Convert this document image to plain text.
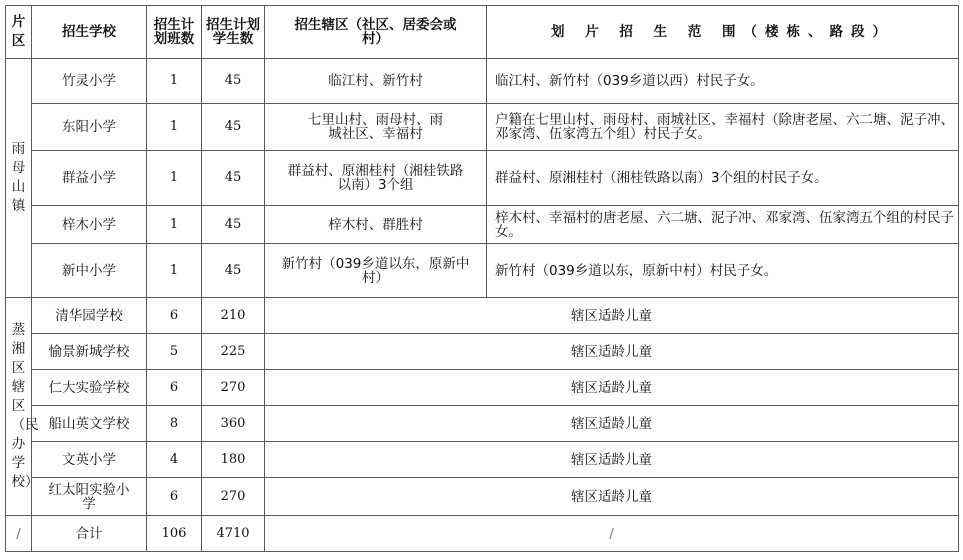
片区	招生学校	招生计划班数	招生计划学生数	招生辖区（社区、居委会或村）	划 片 招 生 范 围（楼栋、路段）

雨母山镇	竹灵小学	1	45	临江村、新竹村	临江村、新竹村（039乡道以西）村民子女。
	东阳小学	1	45	七里山村、雨母村、雨城社区、幸福村	户籍在七里山村、雨母村、雨城社区、幸福村（除唐老屋、六二塘、泥子冲、邓家湾、伍家湾五个组）村民子女。
	群益小学	1	45	群益村、原湘桂村（湘桂铁路以南）3个组	群益村、原湘桂村（湘桂铁路以南）3个组的村民子女。
	梓木小学	1	45	梓木村、群胜村	梓木村、幸福村的唐老屋、六二塘、泥子冲、邓家湾、伍家湾五个组的村民子女。
	新中小学	1	45	新竹村（039乡道以东，原新中村）	新竹村（039乡道以东，原新中村）村民子女。

蒸湘区辖区（民办学校）	清华园学校	6	210	辖区适龄儿童	
	愉景新城学校	5	225	辖区适龄儿童	
	仁大实验学校	6	270	辖区适龄儿童	
	船山英文学校	8	360	辖区适龄儿童	
	文英小学	4	180	辖区适龄儿童	
	红太阳实验小学	6	270	辖区适龄儿童	
/	合计	106	4710	/	
